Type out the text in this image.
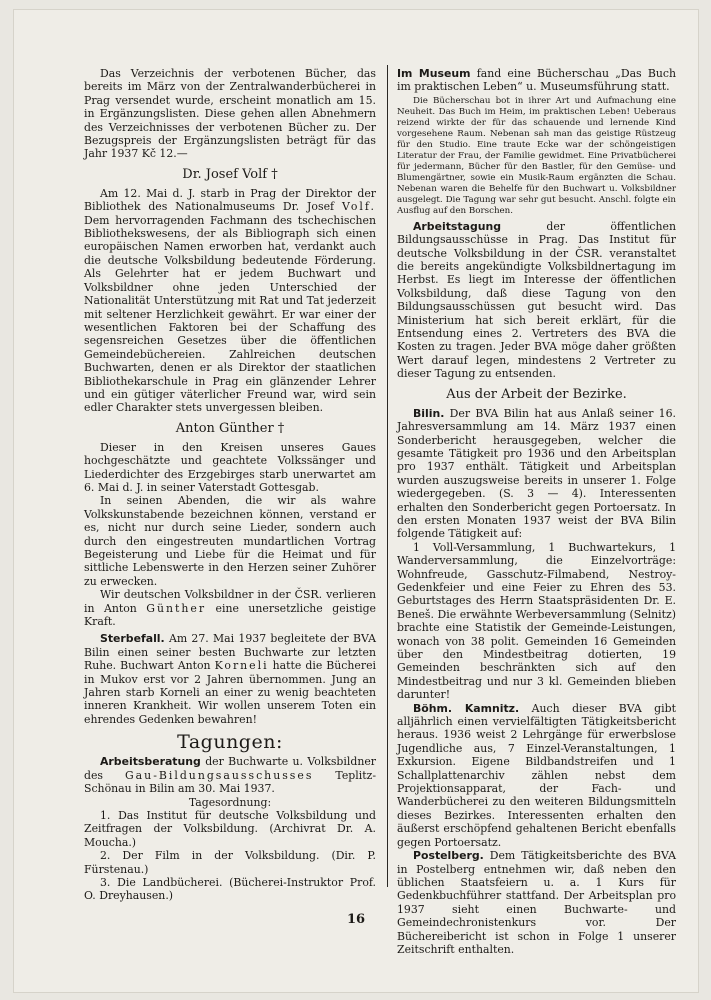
Das Verzeichnis der verbotenen Bücher, das bereits im März von der Zentralwanderbücherei in Prag versendet wurde, erscheint monatlich am 15. in Ergänzungslisten. Diese gehen allen Abnehmern des Verzeichnisses der verbotenen Bücher zu. Der Bezugspreis der Ergänzungslisten beträgt für das Jahr 1937 Kč 12.—

Dr. Josef Volf †

Am 12. Mai d. J. starb in Prag der Direktor der Bibliothek des Nationalmuseums Dr. Josef Volf. Dem hervorragenden Fachmann des tschechischen Bibliothekswesens, der als Bibliograph sich einen europäischen Namen erworben hat, verdankt auch die deutsche Volksbildung bedeutende Förderung. Als Gelehrter hat er jedem Buchwart und Volksbildner ohne jeden Unterschied der Nationalität Unterstützung mit Rat und Tat jederzeit mit seltener Herzlichkeit gewährt. Er war einer der wesentlichen Faktoren bei der Schaffung des segensreichen Gesetzes über die öffentlichen Gemeindebüchereien. Zahlreichen deutschen Buchwarten, denen er als Direktor der staatlichen Bibliothekarschule in Prag ein glänzender Lehrer und ein gütiger väterlicher Freund war, wird sein edler Charakter stets unvergessen bleiben.

Anton Günther †

Dieser in den Kreisen unseres Gaues hochgeschätzte und geachtete Volkssänger und Liederdichter des Erzgebirges starb unerwartet am 6. Mai d. J. in seiner Vaterstadt Gottesgab.

In seinen Abenden, die wir als wahre Volkskunstabende bezeichnen können, verstand er es, nicht nur durch seine Lieder, sondern auch durch den eingestreuten mundartlichen Vortrag Begeisterung und Liebe für die Heimat und für sittliche Lebenswerte in den Herzen seiner Zuhörer zu erwecken.

Wir deutschen Volksbildner in der ČSR. verlieren in Anton Günther eine unersetzliche geistige Kraft.

Sterbefall. Am 27. Mai 1937 begleitete der BVA Bilin einen seiner besten Buchwarte zur letzten Ruhe. Buchwart Anton Korneli hatte die Bücherei in Mukov erst vor 2 Jahren übernommen. Jung an Jahren starb Korneli an einer zu wenig beachteten inneren Krankheit. Wir wollen unserem Toten ein ehrendes Gedenken bewahren!

Tagungen:

Arbeitsberatung der Buchwarte u. Volksbildner des Gau-Bildungsausschusses Teplitz-Schönau in Bilin am 30. Mai 1937.

Tagesordnung:

1. Das Institut für deutsche Volksbildung und Zeitfragen der Volksbildung. (Archivrat Dr. A. Moucha.)

2. Der Film in der Volksbildung. (Dir. P. Fürstenau.)

3. Die Landbücherei. (Bücherei-Instruktor Prof. O. Dreyhausen.)

Im Museum fand eine Bücherschau „Das Buch im praktischen Leben“ u. Museumsführung statt.

Die Bücherschau bot in ihrer Art und Aufmachung eine Neuheit. Das Buch im Heim, im praktischen Leben! Ueberaus reizend wirkte der für das schauende und lernende Kind vorgesehene Raum. Nebenan sah man das geistige Rüstzeug für den Studio. Eine traute Ecke war der schöngeistigen Literatur der Frau, der Familie gewidmet. Eine Privatbücherei für jedermann, Bücher für den Bastler, für den Gemüse- und Blumengärtner, sowie ein Musik-Raum ergänzten die Schau. Nebenan waren die Behelfe für den Buchwart u. Volksbildner ausgelegt. Die Tagung war sehr gut besucht. Anschl. folgte ein Ausflug auf den Borschen.

Arbeitstagung	der öffentlichen Bildungsausschüsse in Prag. Das Institut für deutsche Volksbildung in der ČSR. veranstaltet die bereits angekündigte Volksbildnertagung im Herbst. Es liegt im Interesse der öffentlichen Volksbildung, daß diese Tagung von den Bildungsausschüssen gut besucht wird. Das Ministerium hat sich bereit erklärt, für die Entsendung eines 2. Vertreters des BVA die Kosten zu tragen. Jeder BVA möge daher größten Wert darauf legen, mindestens 2 Vertreter zu dieser Tagung zu entsenden.

Aus der Arbeit der Bezirke.

Bilin. Der BVA Bilin hat aus Anlaß seiner 16. Jahresversammlung am 14. März 1937 einen Sonderbericht herausgegeben, welcher die gesamte Tätigkeit pro 1936 und den Arbeitsplan pro 1937 enthält. Tätigkeit und Arbeitsplan wurden auszugsweise bereits in unserer 1. Folge wiedergegeben. (S. 3 — 4). Interessenten erhalten den Sonderbericht gegen Portoersatz. In den ersten Monaten 1937 weist der BVA Bilin folgende Tätigkeit auf:

1 Voll-Versammlung, 1 Buchwartekurs, 1 Wanderversammlung, die Einzelvorträge: Wohnfreude, Gasschutz-Filmabend, Nestroy-Gedenkfeier und eine Feier zu Ehren des 53. Geburtstages des Herrn Staatspräsidenten Dr. E. Beneš. Die erwähnte Werbeversammlung (Selnitz) brachte eine Statistik der Gemeinde-Leistungen, wonach von 38 polit. Gemeinden 16 Gemeinden über den Mindestbeitrag dotierten, 19 Gemeinden beschränkten sich auf den Mindestbeitrag und nur 3 kl. Gemeinden blieben darunter!

Böhm. Kamnitz. Auch dieser BVA gibt alljährlich einen vervielfältigten Tätigkeitsbericht heraus. 1936 weist 2 Lehrgänge für erwerbslose Jugendliche aus, 7 Einzel-Veranstaltungen, 1 Exkursion. Eigene Bildbandstreifen und 1 Schallplattenarchiv zählen nebst dem Projektionsapparat, der Fach- und Wanderbücherei zu den weiteren Bildungsmitteln dieses Bezirkes. Interessenten erhalten den äußerst erschöpfend gehaltenen Bericht ebenfalls gegen Portoersatz.

Postelberg. Dem Tätigkeitsberichte des BVA in Postelberg entnehmen wir, daß neben den üblichen Staatsfeiern u. a. 1 Kurs für Gedenkbuchführer stattfand. Der Arbeitsplan pro 1937 sieht einen Buchwarte- und Gemeindechronistenkurs vor. Der Büchereibericht ist schon in Folge 1 unserer Zeitschrift enthalten.

16
